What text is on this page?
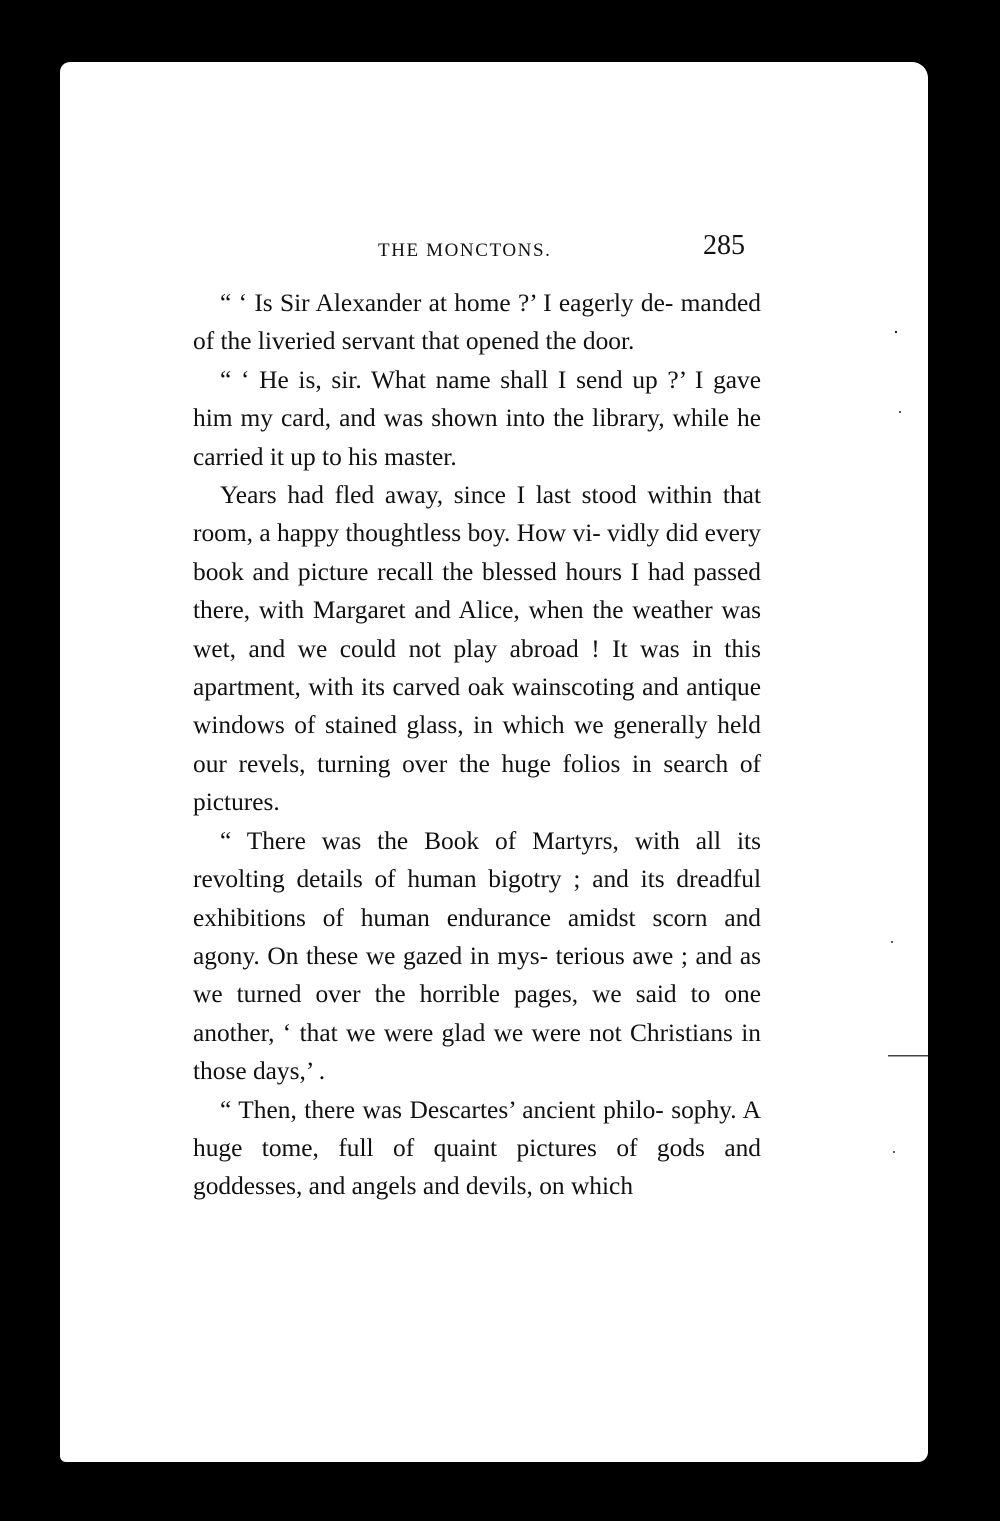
THE MONCTONS.	285

“ ‘ Is Sir Alexander at home ?’ I eagerly de- manded of the liveried servant that opened the door.

“ ‘ He is, sir. What name shall I send up ?’ I gave him my card, and was shown into the library, while he carried it up to his master.

Years had fled away, since I last stood within that room, a happy thoughtless boy. How vi- vidly did every book and picture recall the blessed hours I had passed there, with Margaret and Alice, when the weather was wet, and we could not play abroad ! It was in this apartment, with its carved oak wainscoting and antique windows of stained glass, in which we generally held our revels, turning over the huge folios in search of pictures.

“ There was the Book of Martyrs, with all its revolting details of human bigotry ; and its dreadful exhibitions of human endurance amidst scorn and agony. On these we gazed in mys- terious awe ; and as we turned over the horrible pages, we said to one another, ‘ that we were glad we were not Christians in those days,’ .

“ Then, there was Descartes’ ancient philo- sophy. A huge tome, full of quaint pictures of gods and goddesses, and angels and devils, on which
